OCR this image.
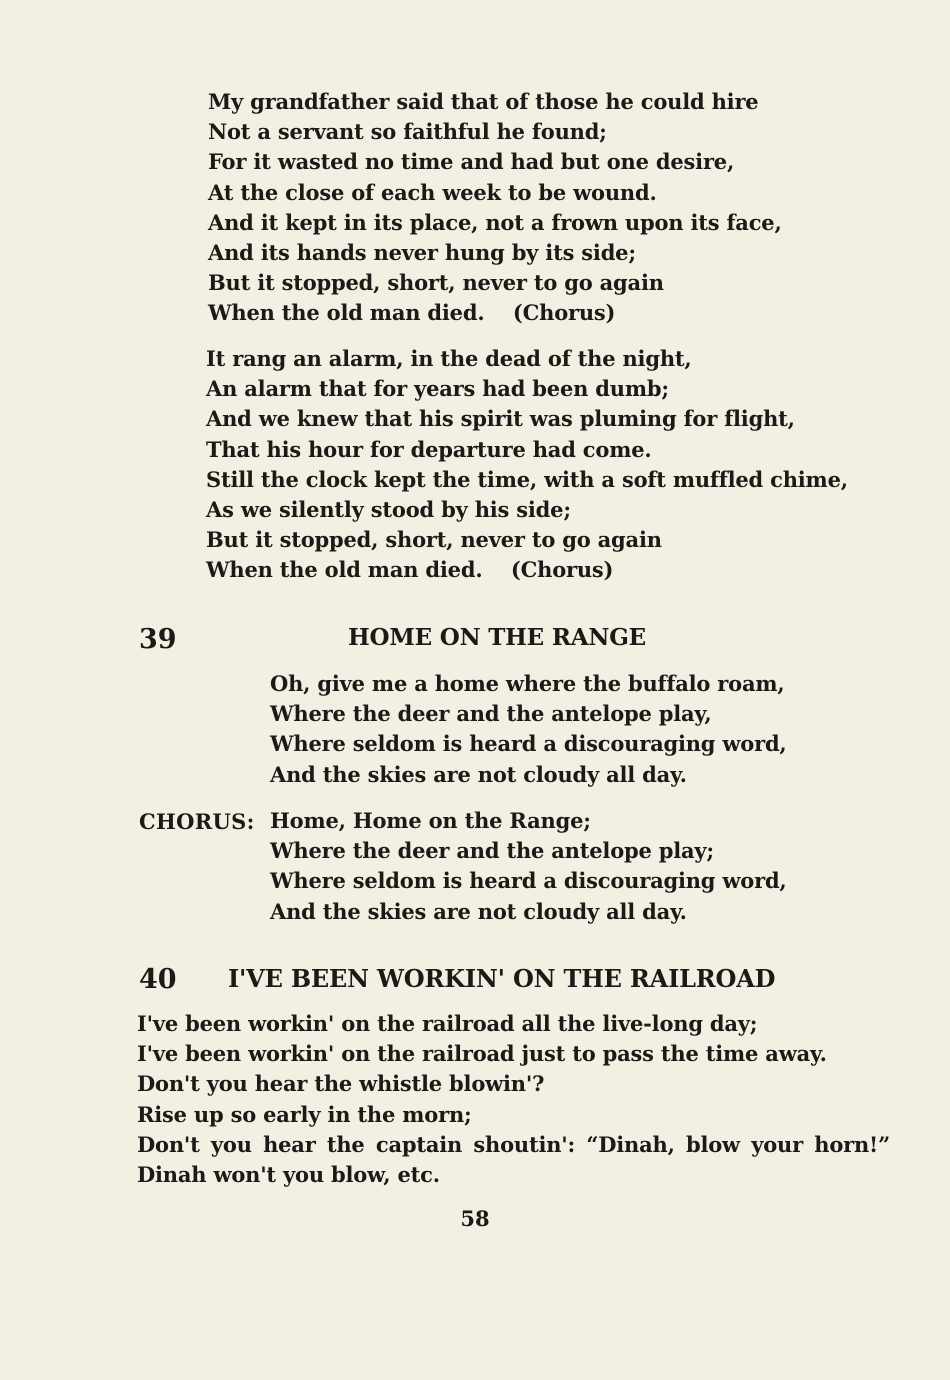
My grandfather said that of those he could hire
Not a servant so faithful he found;
For it wasted no time and had but one desire,
At the close of each week to be wound.
And it kept in its place, not a frown upon its face,
And its hands never hung by its side;
But it stopped, short, never to go again
When the old man died.    (Chorus)
It rang an alarm, in the dead of the night,
An alarm that for years had been dumb;
And we knew that his spirit was pluming for flight,
That his hour for departure had come.
Still the clock kept the time, with a soft muffled chime,
As we silently stood by his side;
But it stopped, short, never to go again
When the old man died.    (Chorus)
39	HOME ON THE RANGE
Oh, give me a home where the buffalo roam,
Where the deer and the antelope play,
Where seldom is heard a discouraging word,
And the skies are not cloudy all day.
CHORUS: Home, Home on the Range;
Where the deer and the antelope play;
Where seldom is heard a discouraging word,
And the skies are not cloudy all day.
40 I'VE BEEN WORKIN' ON THE RAILROAD
I've been workin' on the railroad all the live-long day;
I've been workin' on the railroad just to pass the time away.
Don't you hear the whistle blowin'?
Rise up so early in the morn;
Don't you hear the captain shoutin': “Dinah, blow your horn!”
Dinah won't you blow, etc.
58
